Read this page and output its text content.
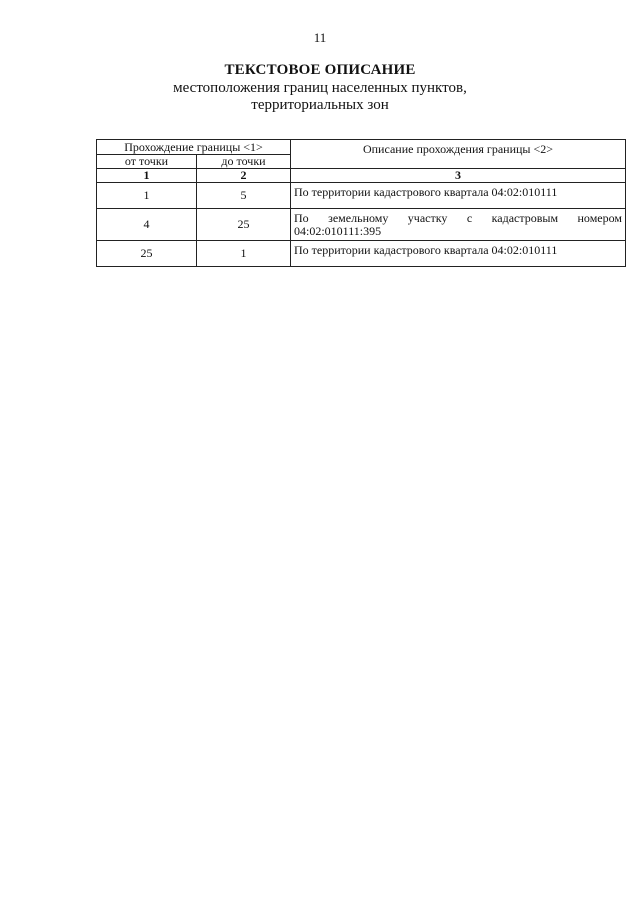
11
ТЕКСТОВОЕ ОПИСАНИЕ
местоположения границ населенных пунктов,
территориальных зон
Прохождение границы <1>		Описание прохождения границы <2>
от точки	до точки	
1	2	3
1	5	По территории кадастрового квартала 04:02:010111
4	25	По   земельному   участку   с   кадастровым   номером
04:02:010111:395

25	1	По территории кадастрового квартала 04:02:010111
